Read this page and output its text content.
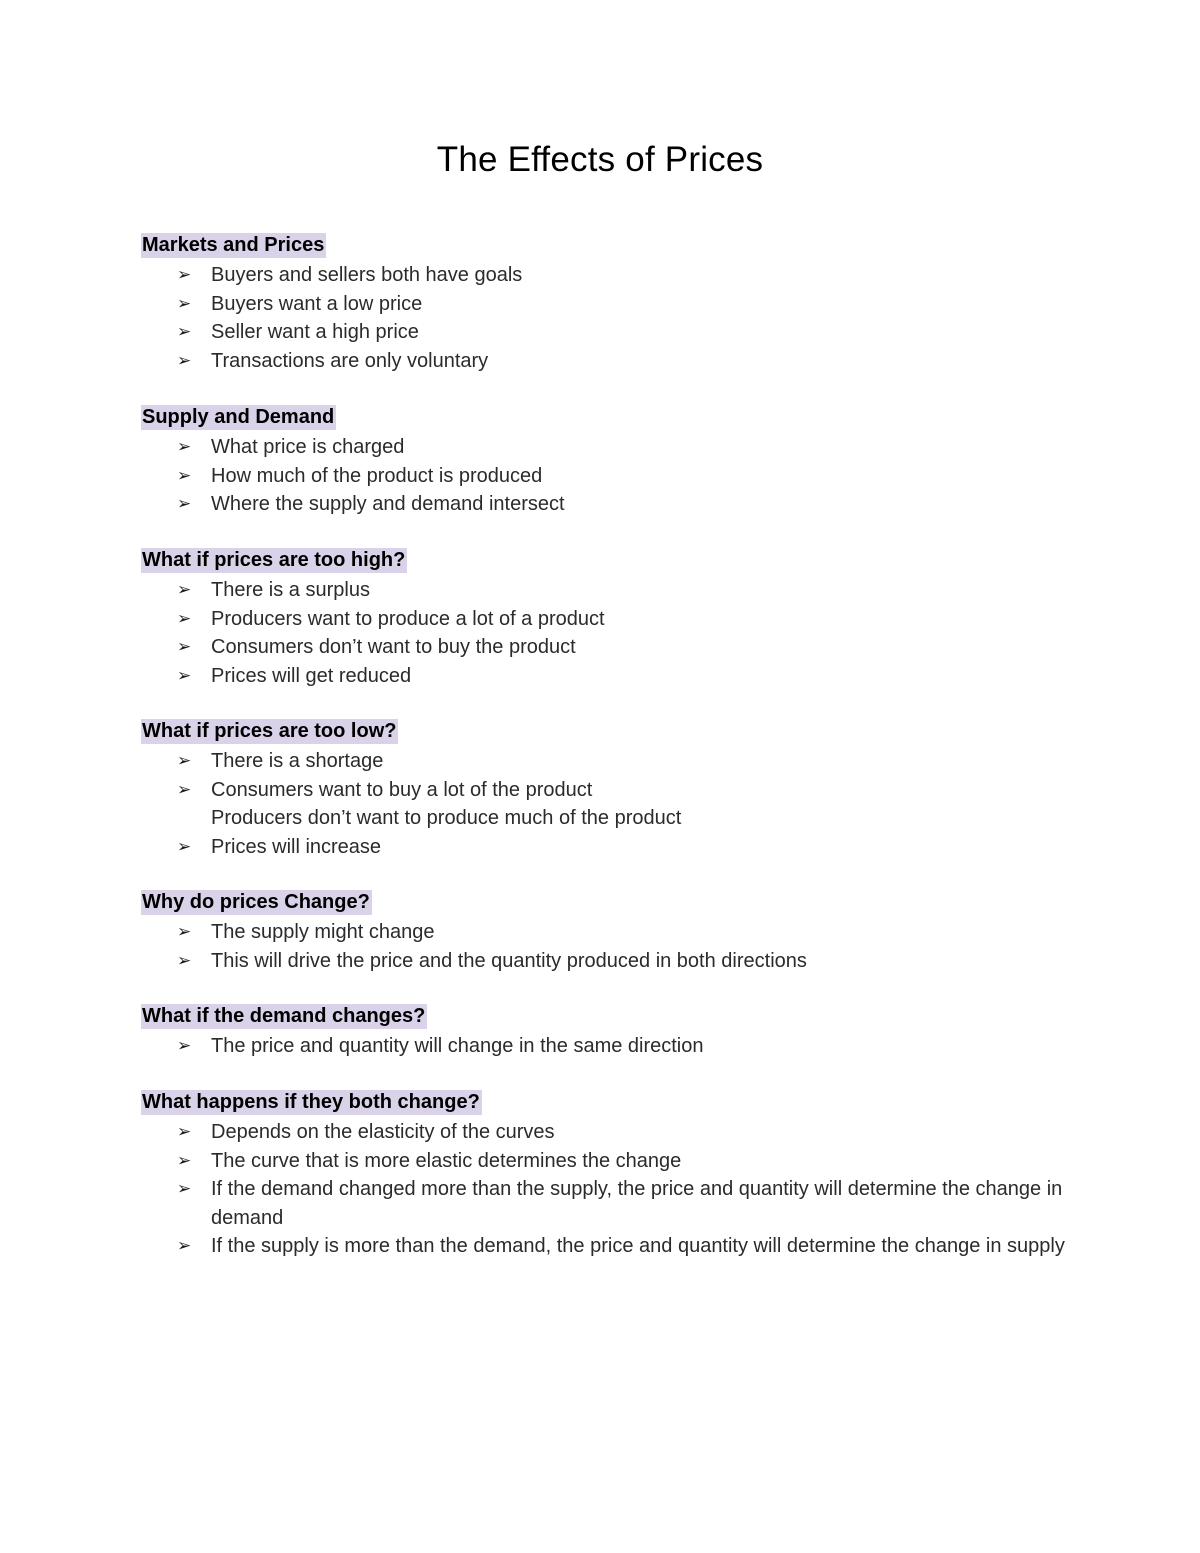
The Effects of Prices
Markets and Prices
➢ Buyers and sellers both have goals
➢ Buyers want a low price
➢ Seller want a high price
➢ Transactions are only voluntary
Supply and Demand
➢ What price is charged
➢ How much of the product is produced
➢ Where the supply and demand intersect
What if prices are too high?
➢ There is a surplus
➢ Producers want to produce a lot of a product
➢ Consumers don’t want to buy the product
➢ Prices will get reduced
What if prices are too low?
➢ There is a shortage
➢ Consumers want to buy a lot of the product
Producers don’t want to produce much of the product
➢ Prices will increase
Why do prices Change?
➢ The supply might change
➢ This will drive the price and the quantity produced in both directions
What if the demand changes?
➢ The price and quantity will change in the same direction
What happens if they both change?
➢ Depends on the elasticity of the curves
➢ The curve that is more elastic determines the change
➢ If the demand changed more than the supply, the price and quantity will determine the change in demand
➢ If the supply is more than the demand, the price and quantity will determine the change in supply
